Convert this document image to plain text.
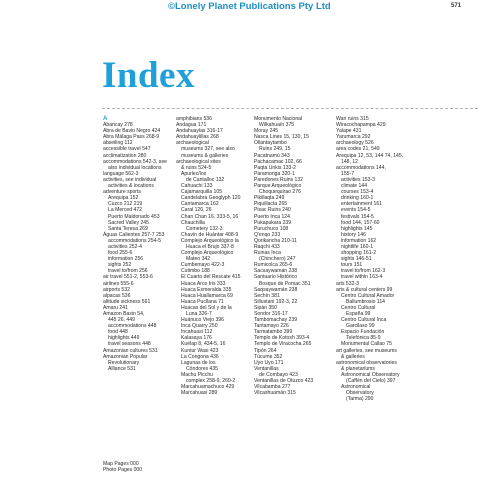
©Lonely Planet Publications Pty Ltd	571
Index
A
Abancay 278
Abra de Bavio Negro 424
Abra Málaga Pass 268-9
abseiling 112
accessible travel 547
acclimatization 280
accommodations 542-3, see
also individual locations
language 562-3
activities, see individual
activities & locations
adventure sports
Arequipa 152
Cuzco 212 219
La Merced 472
Puerto Maldonado 453
Sacred Valley 245
Santa Teresa 269
Águas Calientes 257-7 253
accommodations 254-5
activities 252-4
food 255-6
information 256
sights 252
travel to/from 256
air travel 551-2, 553-6
airlines 555-6
airports 532
alpacas 536
altitude sickness 561
Amaru 241
Amazon Basin 54,
445 26, 449
accommodations 448
food 448
highlights 449
travel seasons 448
Amazonian cultures 531
Amazonian Popular
Revolutionary
Alliance 531
amphibians 536
Andagua 171
Andahuaylas 316-17
Andahuaylillas 268
archaeological
museums 327, see also
museums & galleries
archaeological sites
& ruins 524-5
Apurlec/los
de Cantalloc 132
Cahuachi 133
Cajamarquilla 105
Candelabra Geoglyph 120
Cantamarca 162
Caral 120, 26
Chan Chan 16, 333-5, 16
Chauchilla
Cemetery 132-3
Chavín de Huántar 408-9
Complejo Arqueológico la
Huaca el Brujo 337-8
Complejo Arqueológico
Mateo 342
Cumbemayo 422-3
Cutimbo 188
El Cuarto del Rescate 415
Huaca Arco Iris 333
Huaca Esmeralda 335
Huaca Huallamarca 69
Huaca Pucllana 71
Huacas del Sol y de la
Luna 326-7
Huánuco Viejo 396
Inca Quarry 250
Incahuasi 112
Kalasaya 176
Kuélap 8, 434-5, 16
Kuntur Wasi 423
La Congona 436
Lagunas de los
Cóndores 435
Machu Picchu
complex 258-9, 260-2
Marcahuamachuco 429
Marcahuasi 289
Monumento Nacional
Wilkahuaín 375
Moray 245
Nasca Lines 15, 130, 15
Ollantaytambo
Ruins 249, 15
Pacatnamú 343
Pachacamac 102, 66
Paqta Unkis 133-2
Paramonga 320-1
Paredones Ruins 132
Parque Arqueológico
Choquequirao 276
Pikillaqta 249
Piquillacta 265
Pisac Ruins 240
Puerto Inca 124
Pukapukara 239
Puruchuco 108
Q'enqo 233
Qorikancha 210-11
Raqchi 433
Ruinas Inca
(Chinchero) 247
Rumicolca 265-6
Sacsaywamán 238
Santuario Histórico
Bosque de Pomac 351
Saqsaywamán 238
Sechín 381
Sillustani 192-3, 22
Sipán 350
Sondor 316-17
Tambomachay 239
Tantamayo 226
Tarmatambo 399
Templo de Kotosh 393-4
Templo de Viracocha 265
Tipón 264
Túcume 352
Uyo Uyo 171
Ventanillas
de Combayo 423
Ventanillas de Otuzco 423
Vilcabamba 277
Vilcashuamán 315
Wari ruins 315
Wiracochapampa 429
Yalape 431
Yarumarca 292
archaeology 526
area codes 21, 549
Arequipa 12, 53, 144 74, 145,
148, 12
accommodations 144,
155-7
activities 153-3
climate 144
courses 153-4
drinking 160-1
entertainment 161
events 154-5
festivals 154-5
food 144, 157-60
highlights 145
history 146
information 162
nightlife 160-1
shopping 161-2
sights 146-51
tours 151
travel to/from 162-3
travel within 163-4
arts 532-3
arts & cultural centers 99
Centro Cultural Amador
Ballumbrosio 114
Centro Cultural
España 99
Centro Cultural Inca
Garcilaso 99
Espacio Fundación
Telefónica 85-9
Monumental Callao 75
art galleries, see museums
& galleries
astronomical observatories
& planetariums
Astronomical Observatory
(Caffén del Cielo) 397
Astronomical
Observatory
(Tarma) 290
Map Pages 000
Photo Pages 000
